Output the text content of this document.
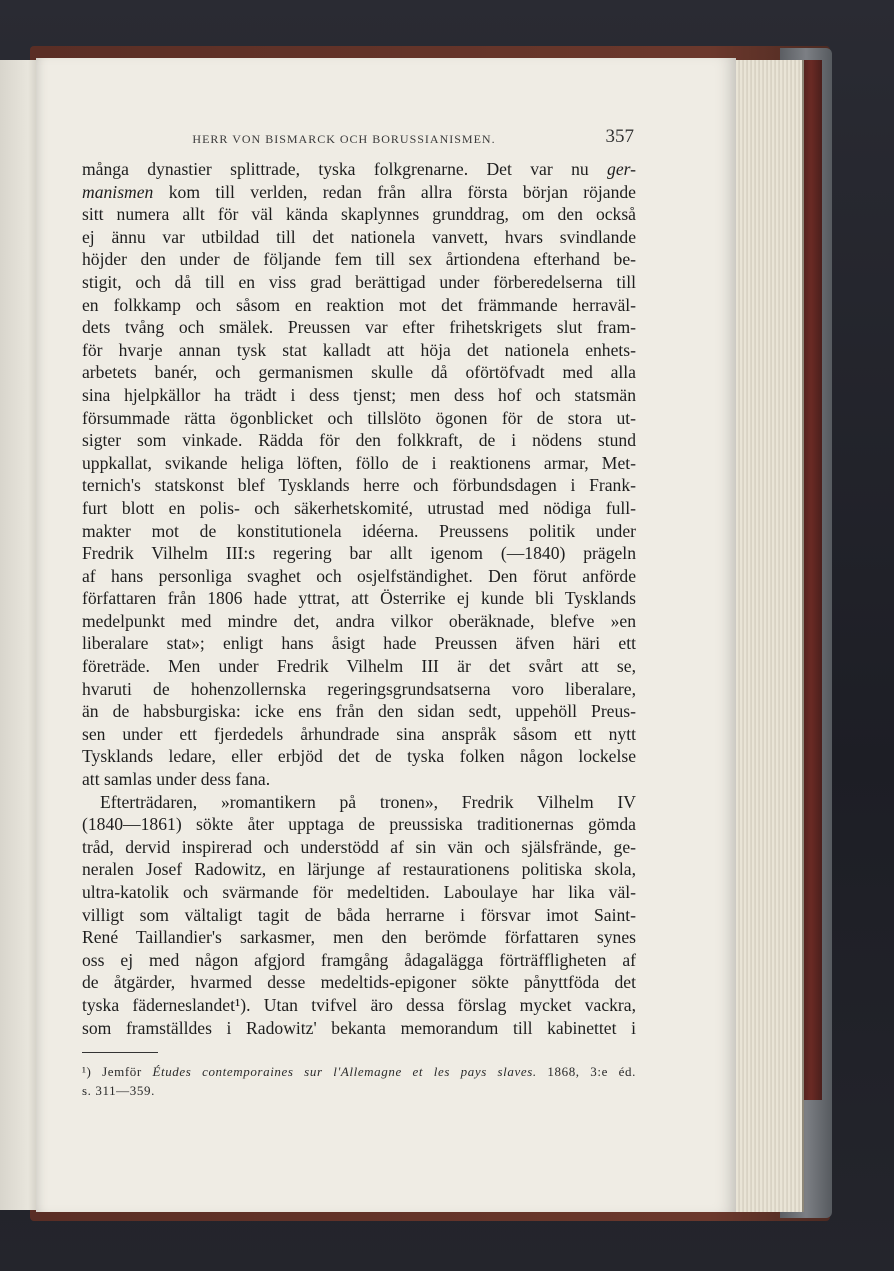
HERR VON BISMARCK OCH BORUSSIANISMEN.	357
många dynastier splittrade, tyska folkgrenarne. Det var nu ger-
manismen kom till verlden, redan från allra första början röjande
sitt numera allt för väl kända skaplynnes grunddrag, om den också
ej ännu var utbildad till det nationela vanvett, hvars svindlande
höjder den under de följande fem till sex årtiondena efterhand be-
stigit, och då till en viss grad berättigad under förberedelserna till
en folkkamp och såsom en reaktion mot det främmande herraväl-
dets tvång och smälek. Preussen var efter frihetskrigets slut fram-
för hvarje annan tysk stat kalladt att höja det nationela enhets-
arbetets banér, och germanismen skulle då oförtöfvadt med alla
sina hjelpkällor ha trädt i dess tjenst; men dess hof och statsmän
försummade rätta ögonblicket och tillslöto ögonen för de stora ut-
sigter som vinkade. Rädda för den folkkraft, de i nödens stund
uppkallat, svikande heliga löften, föllo de i reaktionens armar, Met-
ternich's statskonst blef Tysklands herre och förbundsdagen i Frank-
furt blott en polis- och säkerhetskomité, utrustad med nödiga full-
makter mot de konstitutionela idéerna. Preussens politik under
Fredrik Vilhelm III:s regering bar allt igenom (—1840) prägeln
af hans personliga svaghet och osjelfständighet. Den förut anförde
författaren från 1806 hade yttrat, att Österrike ej kunde bli Tysklands
medelpunkt med mindre det, andra vilkor oberäknade, blefve »en
liberalare stat»; enligt hans åsigt hade Preussen äfven häri ett
företräde. Men under Fredrik Vilhelm III är det svårt att se,
hvaruti de hohenzollernska regeringsgrundsatserna voro liberalare,
än de habsburgiska: icke ens från den sidan sedt, uppehöll Preus-
sen under ett fjerdedels århundrade sina anspråk såsom ett nytt
Tysklands ledare, eller erbjöd det de tyska folken någon lockelse
att samlas under dess fana.
Efterträdaren, »romantikern på tronen», Fredrik Vilhelm IV
(1840—1861) sökte åter upptaga de preussiska traditionernas gömda
tråd, dervid inspirerad och understödd af sin vän och själsfrände, ge-
neralen Josef Radowitz, en lärjunge af restaurationens politiska skola,
ultra-katolik och svärmande för medeltiden. Laboulaye har lika väl-
villigt som vältaligt tagit de båda herrarne i försvar imot Saint-
René Taillandier's sarkasmer, men den berömde författaren synes
oss ej med någon afgjord framgång ådagalägga förträffligheten af
de åtgärder, hvarmed desse medeltids-epigoner sökte pånyttföda det
tyska fäderneslandet¹). Utan tvifvel äro dessa förslag mycket vackra,
som framställdes i Radowitz' bekanta memorandum till kabinettet i
¹) Jemför Études contemporaines sur l'Allemagne et les pays slaves. 1868, 3:e éd.
s. 311—359.
